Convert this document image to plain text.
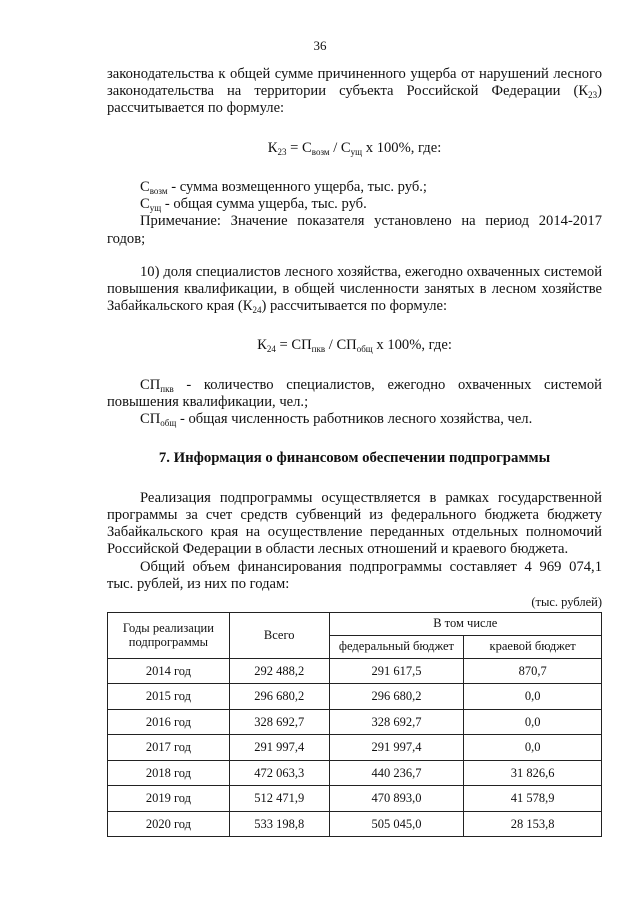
36

законодательства к общей сумме причиненного ущерба от нарушений лесного законодательства на территории субъекта Российской Федерации $(К_{23})$ рассчитывается по формуле:

$К_{23} = С_{возм} / С_{ущ}$ х 100%, где:

$С_{возм}$ - сумма возмещенного ущерба, тыс. руб.;

$С_{ущ}$ - общая сумма ущерба, тыс. руб.

Примечание: Значение показателя установлено на период 2014-2017 годов;

10) доля специалистов лесного хозяйства, ежегодно охваченных системой повышения квалификации, в общей численности занятых в лесном хозяйстве Забайкальского края $(К_{24})$ рассчитывается по формуле:

$К_{24} = СП_{пкв} / СП_{общ}$ х 100%, где:

$СП_{пкв}$ - количество специалистов, ежегодно охваченных системой повышения квалификации, чел.;

$СП_{общ}$ - общая численность работников лесного хозяйства, чел.

7. Информация о финансовом обеспечении подпрограммы

Реализация подпрограммы осуществляется в рамках государственной программы за счет средств субвенций из федерального бюджета бюджету Забайкальского края на осуществление переданных отдельных полномочий Российской Федерации в области лесных отношений и краевого бюджета.

Общий объем финансирования подпрограммы составляет 4 969 074,1 тыс. рублей, из них по годам:

(тыс. рублей)
Годы реализации подпрограммы	Всего	В том числе	
		федеральный бюджет	краевой бюджет
2014 год	292 488,2	291 617,5	870,7
2015 год	296 680,2	296 680,2	0,0
2016 год	328 692,7	328 692,7	0,0
2017 год	291 997,4	291 997,4	0,0
2018 год	472 063,3	440 236,7	31 826,6
2019 год	512 471,9	470 893,0	41 578,9
2020 год	533 198,8	505 045,0	28 153,8
